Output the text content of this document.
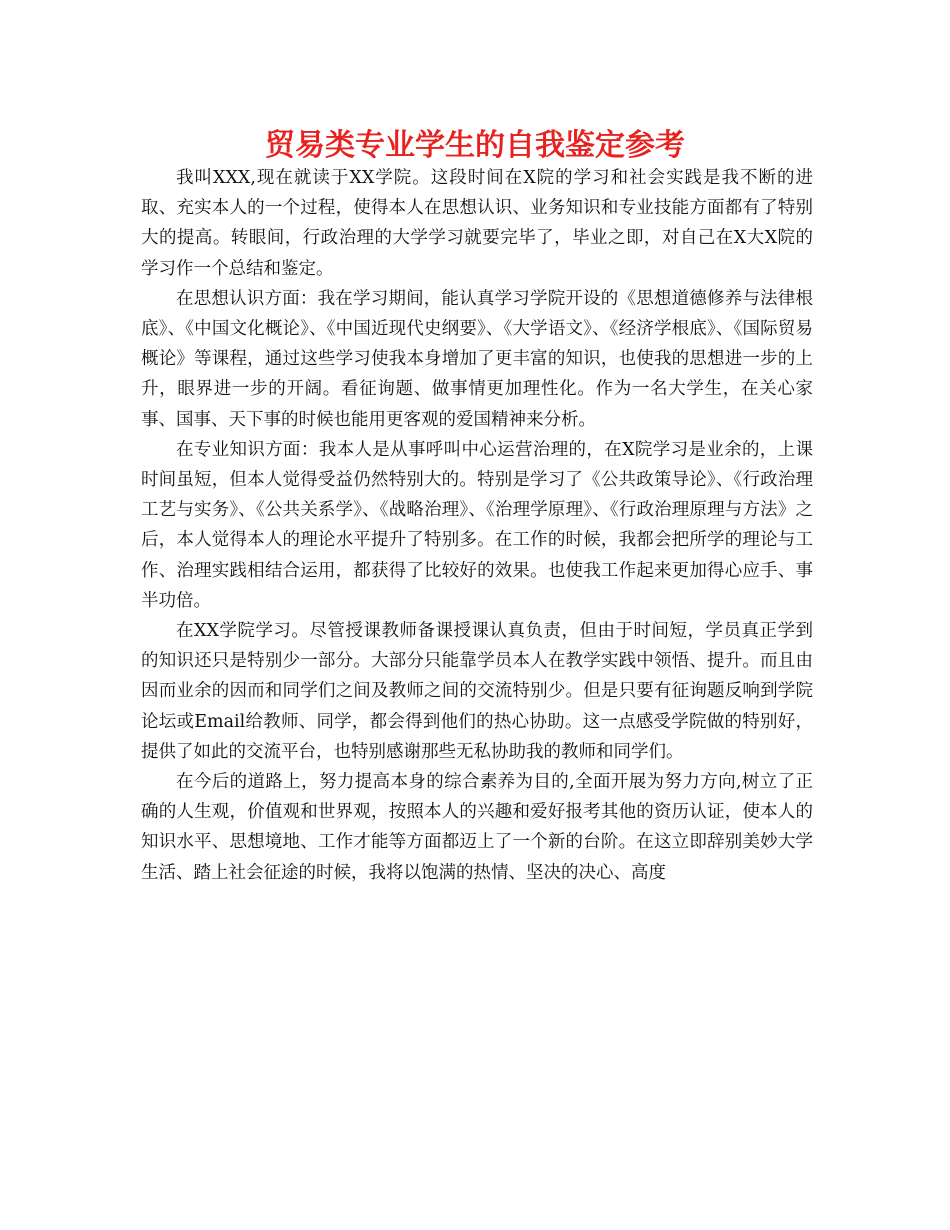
贸易类专业学生的自我鉴定参考

我叫XXX,现在就读于XX学院。这段时间在X院的学习和社会实践是我不断的进取、充实本人的一个过程，使得本人在思想认识、业务知识和专业技能方面都有了特别大的提高。转眼间，行政治理的大学学习就要完毕了，毕业之即，对自己在X大X院的学习作一个总结和鉴定。

在思想认识方面：我在学习期间，能认真学习学院开设的《思想道德修养与法律根底》、《中国文化概论》、《中国近现代史纲要》、《大学语文》、《经济学根底》、《国际贸易概论》等课程，通过这些学习使我本身增加了更丰富的知识，也使我的思想进一步的上升，眼界进一步的开阔。看征询题、做事情更加理性化。作为一名大学生，在关心家事、国事、天下事的时候也能用更客观的爱国精神来分析。

在专业知识方面：我本人是从事呼叫中心运营治理的，在X院学习是业余的，上课时间虽短，但本人觉得受益仍然特别大的。特别是学习了《公共政策导论》、《行政治理工艺与实务》、《公共关系学》、《战略治理》、《治理学原理》、《行政治理原理与方法》之后，本人觉得本人的理论水平提升了特别多。在工作的时候，我都会把所学的理论与工作、治理实践相结合运用，都获得了比较好的效果。也使我工作起来更加得心应手、事半功倍。

在XX学院学习。尽管授课教师备课授课认真负责，但由于时间短，学员真正学到的知识还只是特别少一部分。大部分只能靠学员本人在教学实践中领悟、提升。而且由因而业余的因而和同学们之间及教师之间的交流特别少。但是只要有征询题反响到学院论坛或Email给教师、同学，都会得到他们的热心协助。这一点感受学院做的特别好，提供了如此的交流平台，也特别感谢那些无私协助我的教师和同学们。

在今后的道路上，努力提高本身的综合素养为目的,全面开展为努力方向,树立了正确的人生观，价值观和世界观，按照本人的兴趣和爱好报考其他的资历认证，使本人的知识水平、思想境地、工作才能等方面都迈上了一个新的台阶。在这立即辞别美妙大学生活、踏上社会征途的时候，我将以饱满的热情、坚决的决心、高度
